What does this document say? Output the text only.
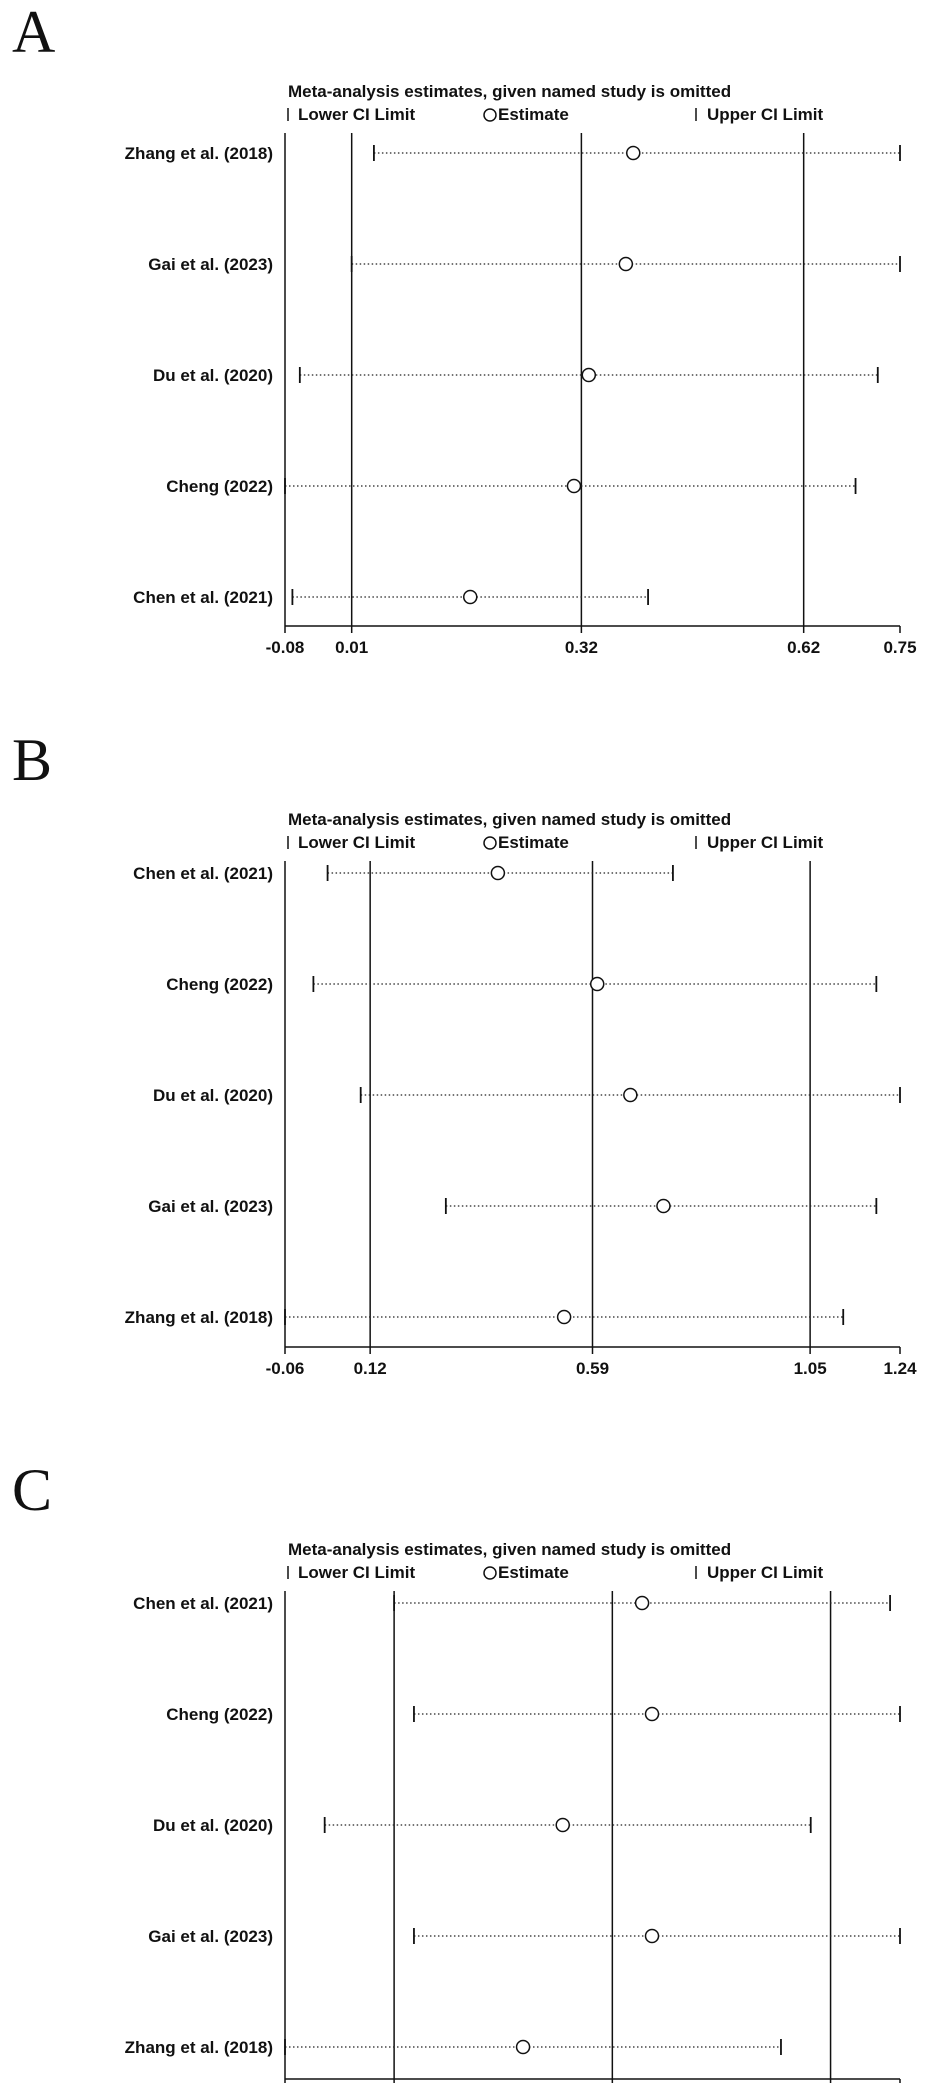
A
Meta-analysis estimates, given named study is omitted
Lower CI Limit	Estimate	Upper CI Limit
-0.08 0.01	0.32	0.62	0.75
Zhang et al. (2018)
Gai et al. (2023)
Du et al. (2020)
Cheng (2022)
Chen et al. (2021)
B
Meta-analysis estimates, given named study is omitted
Lower CI Limit	Estimate	Upper CI Limit
-0.06	0.12	0.59	1.05	1.24
Chen et al. (2021)
Cheng (2022)
Du et al. (2020)
Gai et al. (2023)
Zhang et al. (2018)
C
Meta-analysis estimates, given named study is omitted
Lower CI Limit	Estimate	Upper CI Limit
Chen et al. (2021)
Cheng (2022)
Du et al. (2020)
Gai et al. (2023)
Zhang et al. (2018)
